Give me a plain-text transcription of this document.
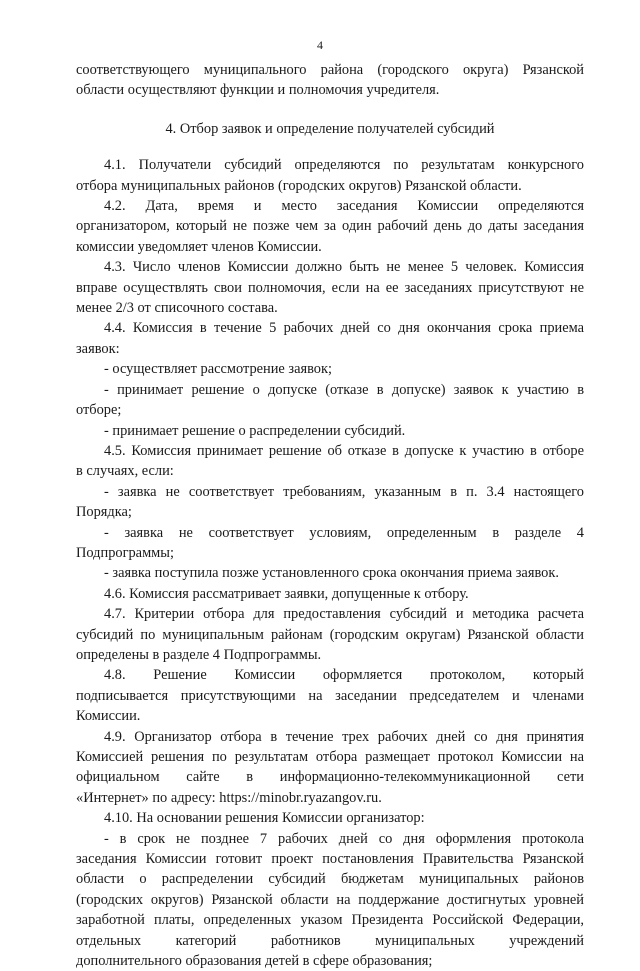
4
соответствующего муниципального района (городского округа) Рязанской
области осуществляют функции и полномочия учредителя.
4. Отбор заявок и определение получателей субсидий
4.1. Получатели субсидий определяются по результатам конкурсного
отбора муниципальных районов (городских округов) Рязанской области.
4.2. Дата, время и место заседания Комиссии определяются
организатором, который не позже чем за один рабочий день до даты заседания
комиссии уведомляет членов Комиссии.
4.3. Число членов Комиссии должно быть не менее 5 человек. Комиссия
вправе осуществлять свои полномочия, если на ее заседаниях присутствуют не
менее 2/3 от списочного состава.
4.4. Комиссия в течение 5 рабочих дней со дня окончания срока приема
заявок:
- осуществляет рассмотрение заявок;
- принимает решение о допуске (отказе в допуске) заявок к участию в
отборе;
- принимает решение о распределении субсидий.
4.5. Комиссия принимает решение об отказе в допуске к участию в отборе
в случаях, если:
- заявка не соответствует требованиям, указанным в п. 3.4 настоящего
Порядка;
- заявка не соответствует условиям, определенным в разделе 4
Подпрограммы;
- заявка поступила позже установленного срока окончания приема заявок.
4.6. Комиссия рассматривает заявки, допущенные к отбору.
4.7. Критерии отбора для предоставления субсидий и методика расчета
субсидий по муниципальным районам (городским округам) Рязанской области
определены в разделе 4 Подпрограммы.
4.8. Решение Комиссии оформляется протоколом, который
подписывается присутствующими на заседании председателем и членами
Комиссии.
4.9. Организатор отбора в течение трех рабочих дней со дня принятия
Комиссией решения по результатам отбора размещает протокол Комиссии на
официальном сайте в информационно-телекоммуникационной сети
«Интернет» по адресу: https://minobr.ryazangov.ru.
4.10. На основании решения Комиссии организатор:
- в срок не позднее 7 рабочих дней со дня оформления протокола
заседания Комиссии готовит проект постановления Правительства Рязанской
области о распределении субсидий бюджетам муниципальных районов
(городских округов) Рязанской области на поддержание достигнутых уровней
заработной платы, определенных указом Президента Российской Федерации,
отдельных категорий работников муниципальных учреждений
дополнительного образования детей в сфере образования;
